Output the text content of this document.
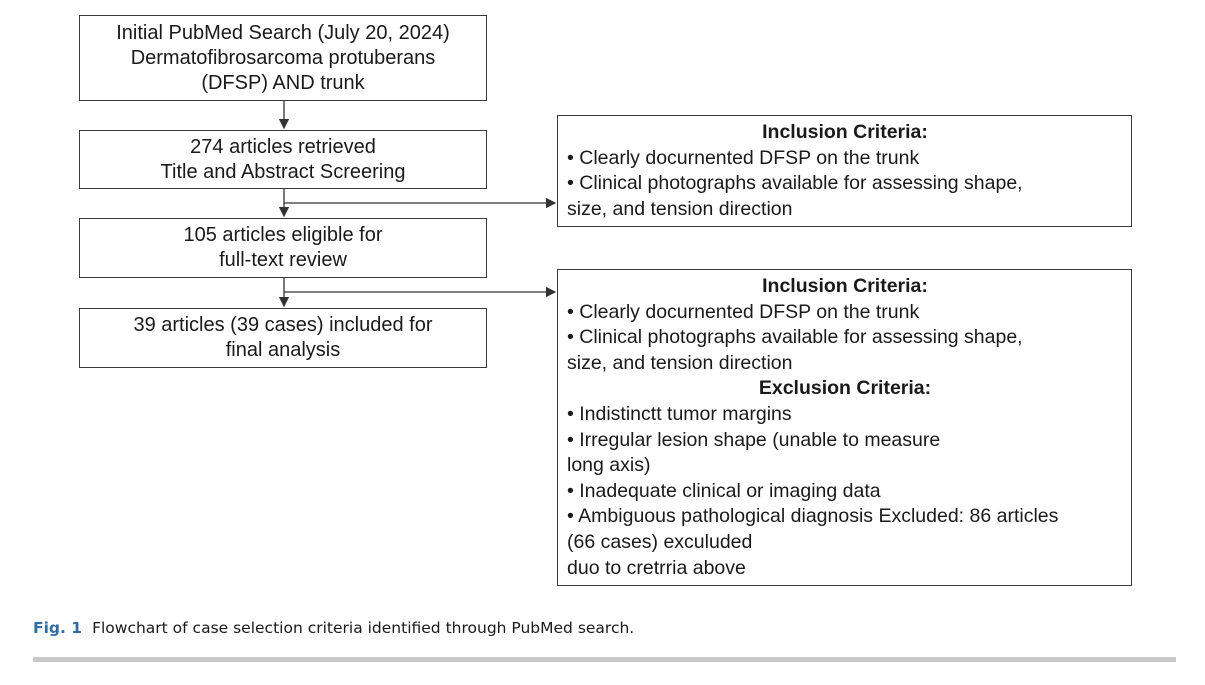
Initial PubMed Search (July 20, 2024)
Dermatofibrosarcoma protuberans
(DFSP) AND trunk
274 articles retrieved
Title and Abstract Screering
105 articles eligible for
full-text review
39 articles (39 cases) included for
final analysis
Inclusion Criteria:
• Clearly docurnented DFSP on the trunk
• Clinical photographs available for assessing shape,
size, and tension direction
Inclusion Criteria:
• Clearly docurnented DFSP on the trunk
• Clinical photographs available for assessing shape,
size, and tension direction
Exclusion Criteria:
• Indistinctt tumor margins
• Irregular lesion shape (unable to measure
long axis)
• Inadequate clinical or imaging data
• Ambiguous pathological diagnosis Excluded: 86 articles
(66 cases) exculuded
duo to cretrria above
Fig. 1 Flowchart of case selection criteria identified through PubMed search.
